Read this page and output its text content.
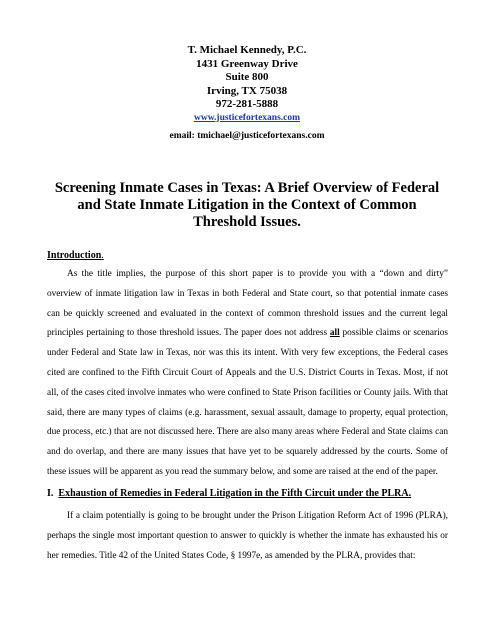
T. Michael Kennedy, P.C.
1431 Greenway Drive
Suite 800
Irving, TX 75038
972-281-5888
www.justicefortexans.com
email: tmichael@justicefortexans.com
Screening Inmate Cases in Texas: A Brief Overview of Federal and State Inmate Litigation in the Context of Common Threshold Issues.
Introduction.

As the title implies, the purpose of this short paper is to provide you with a “down and dirty” overview of inmate litigation law in Texas in both Federal and State court, so that potential inmate cases can be quickly screened and evaluated in the context of common threshold issues and the current legal principles pertaining to those threshold issues. The paper does not address all possible claims or scenarios under Federal and State law in Texas, nor was this its intent. With very few exceptions, the Federal cases cited are confined to the Fifth Circuit Court of Appeals and the U.S. District Courts in Texas. Most, if not all, of the cases cited involve inmates who were confined to State Prison facilities or County jails. With that said, there are many types of claims (e.g. harassment, sexual assault, damage to property, equal protection, due process, etc.) that are not discussed here. There are also many areas where Federal and State claims can and do overlap, and there are many issues that have yet to be squarely addressed by the courts. Some of these issues will be apparent as you read the summary below, and some are raised at the end of the paper.

I. Exhaustion of Remedies in Federal Litigation in the Fifth Circuit under the PLRA.

If a claim potentially is going to be brought under the Prison Litigation Reform Act of 1996 (PLRA), perhaps the single most important question to answer to quickly is whether the inmate has exhausted his or her remedies. Title 42 of the United States Code, § 1997e, as amended by the PLRA, provides that:
